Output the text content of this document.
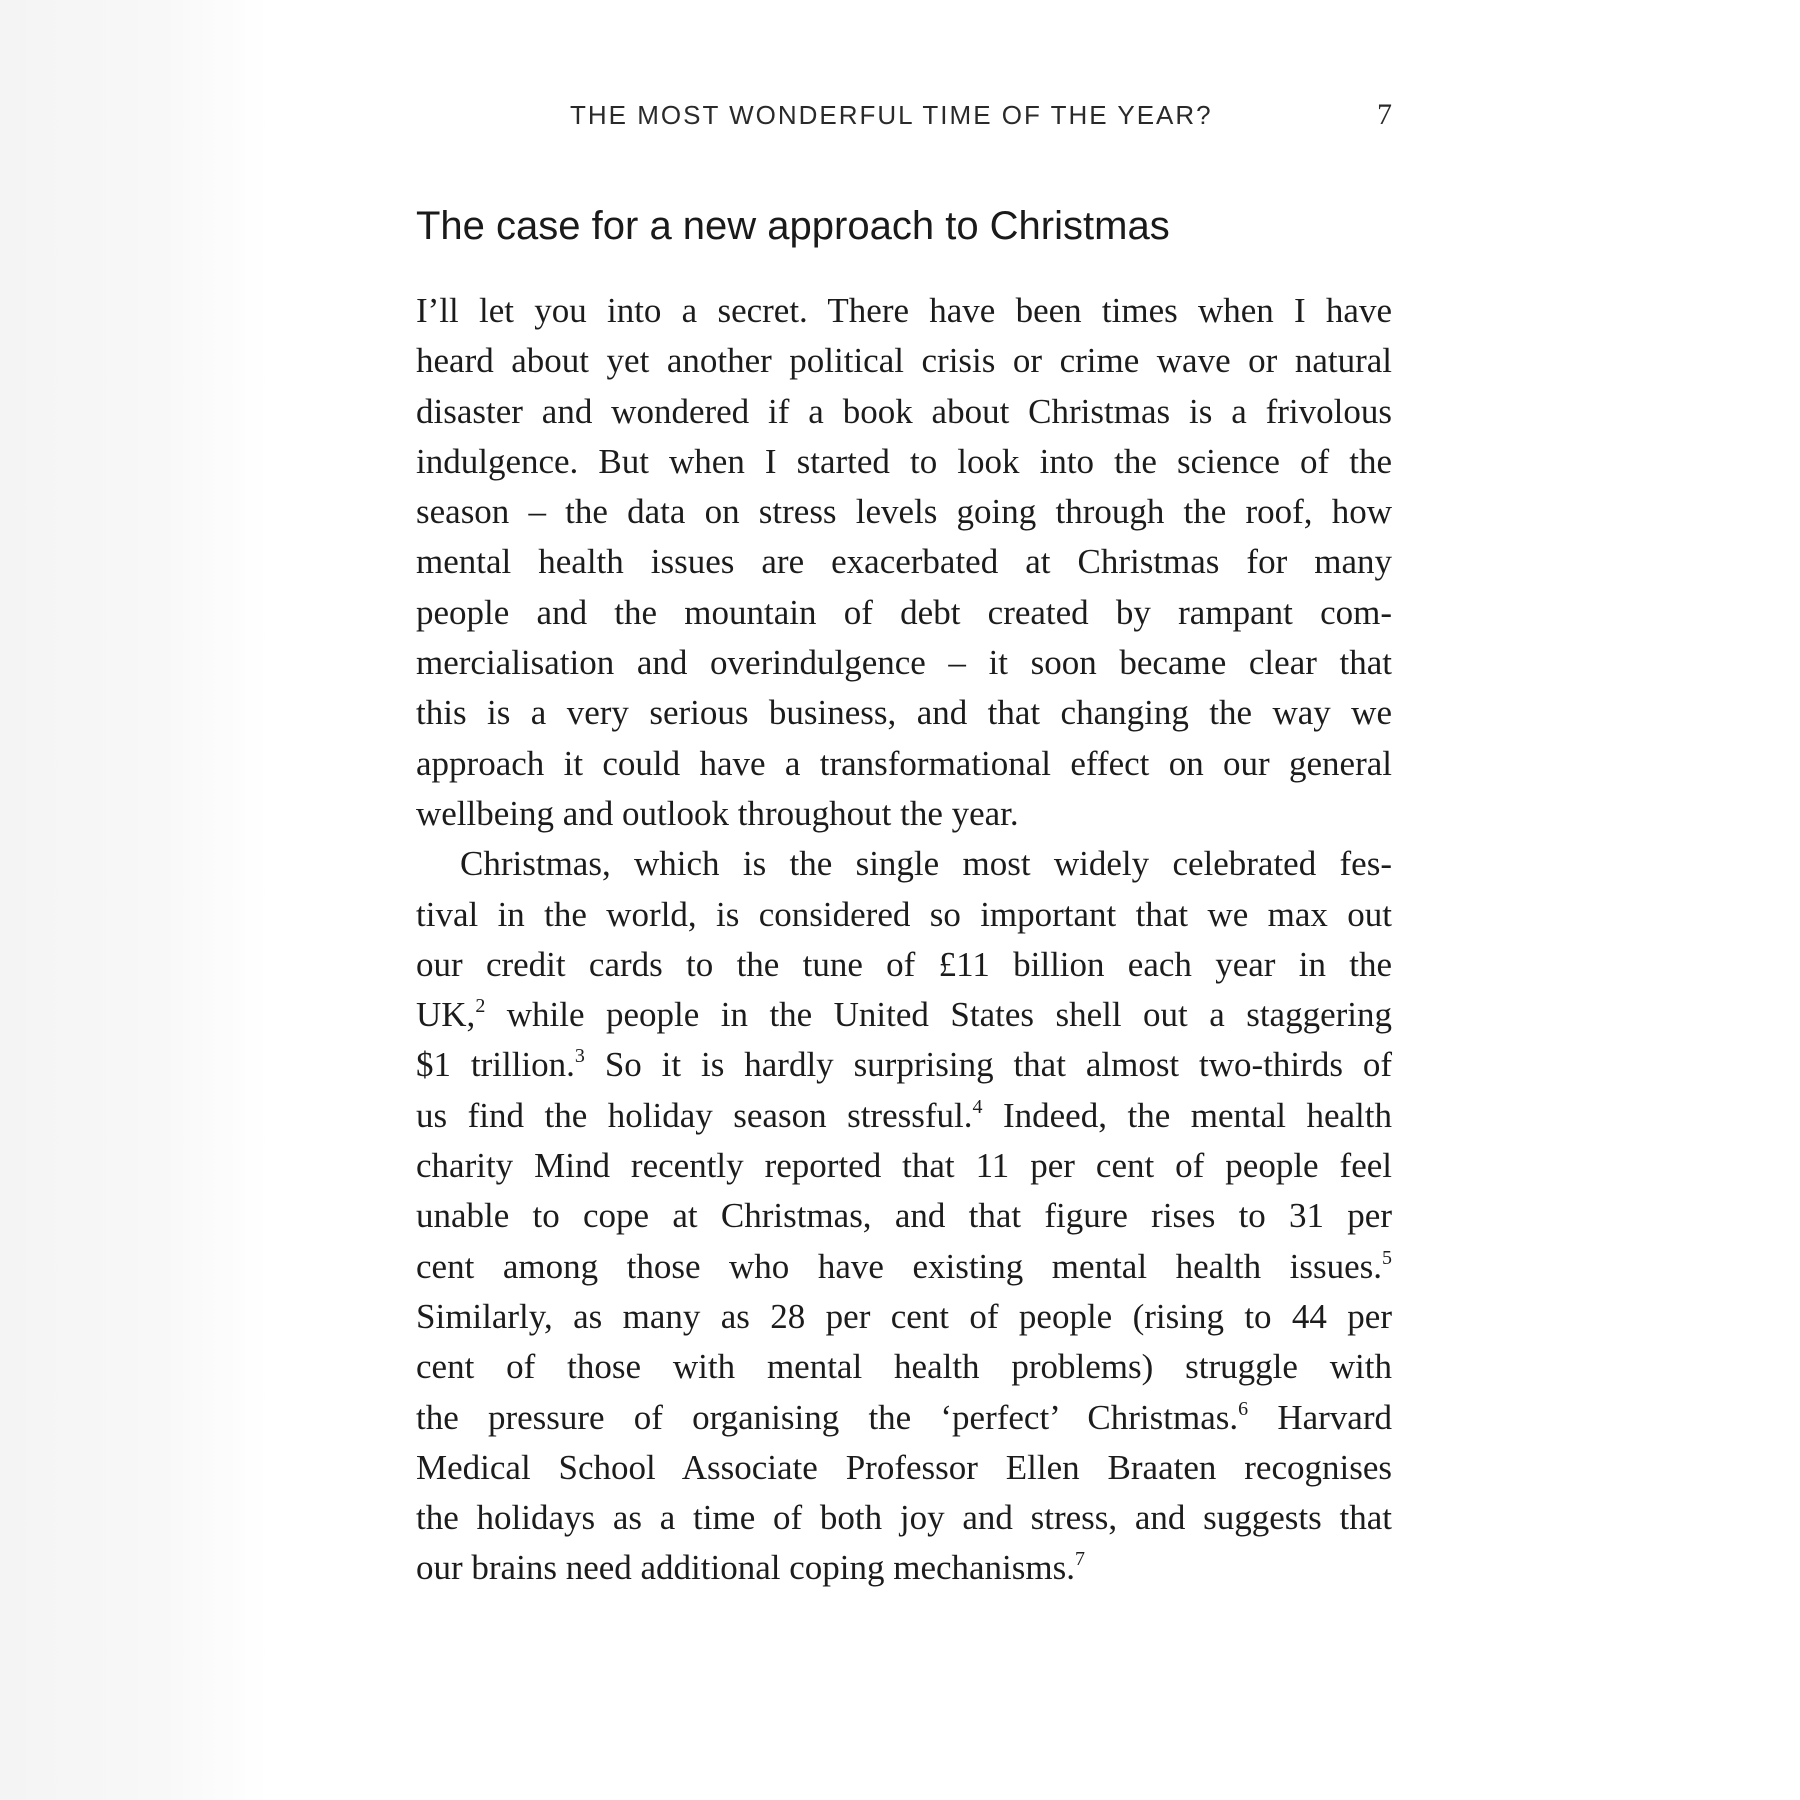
THE MOST WONDERFUL TIME OF THE YEAR?	7
The case for a new approach to Christmas
I’ll let you into a secret. There have been times when I have
heard about yet another political crisis or crime wave or natural
disaster and wondered if a book about Christmas is a frivolous
indulgence. But when I started to look into the science of the
season – the data on stress levels going through the roof, how
mental health issues are exacerbated at Christmas for many
people and the mountain of debt created by rampant com-
mercialisation and overindulgence – it soon became clear that
this is a very serious business, and that changing the way we
approach it could have a transformational effect on our general
wellbeing and outlook throughout the year.
Christmas, which is the single most widely celebrated fes-
tival in the world, is considered so important that we max out
our credit cards to the tune of £11 billion each year in the
UK,$^2$ while people in the United States shell out a staggering
$1 trillion.$^3$ So it is hardly surprising that almost two-thirds of
us find the holiday season stressful.$^4$ Indeed, the mental health
charity Mind recently reported that 11 per cent of people feel
unable to cope at Christmas, and that figure rises to 31 per
cent among those who have existing mental health issues.$^5$
Similarly, as many as 28 per cent of people (rising to 44 per
cent of those with mental health problems) struggle with
the pressure of organising the ‘perfect’ Christmas.$^6$ Harvard
Medical School Associate Professor Ellen Braaten recognises
the holidays as a time of both joy and stress, and suggests that
our brains need additional coping mechanisms.$^7$
